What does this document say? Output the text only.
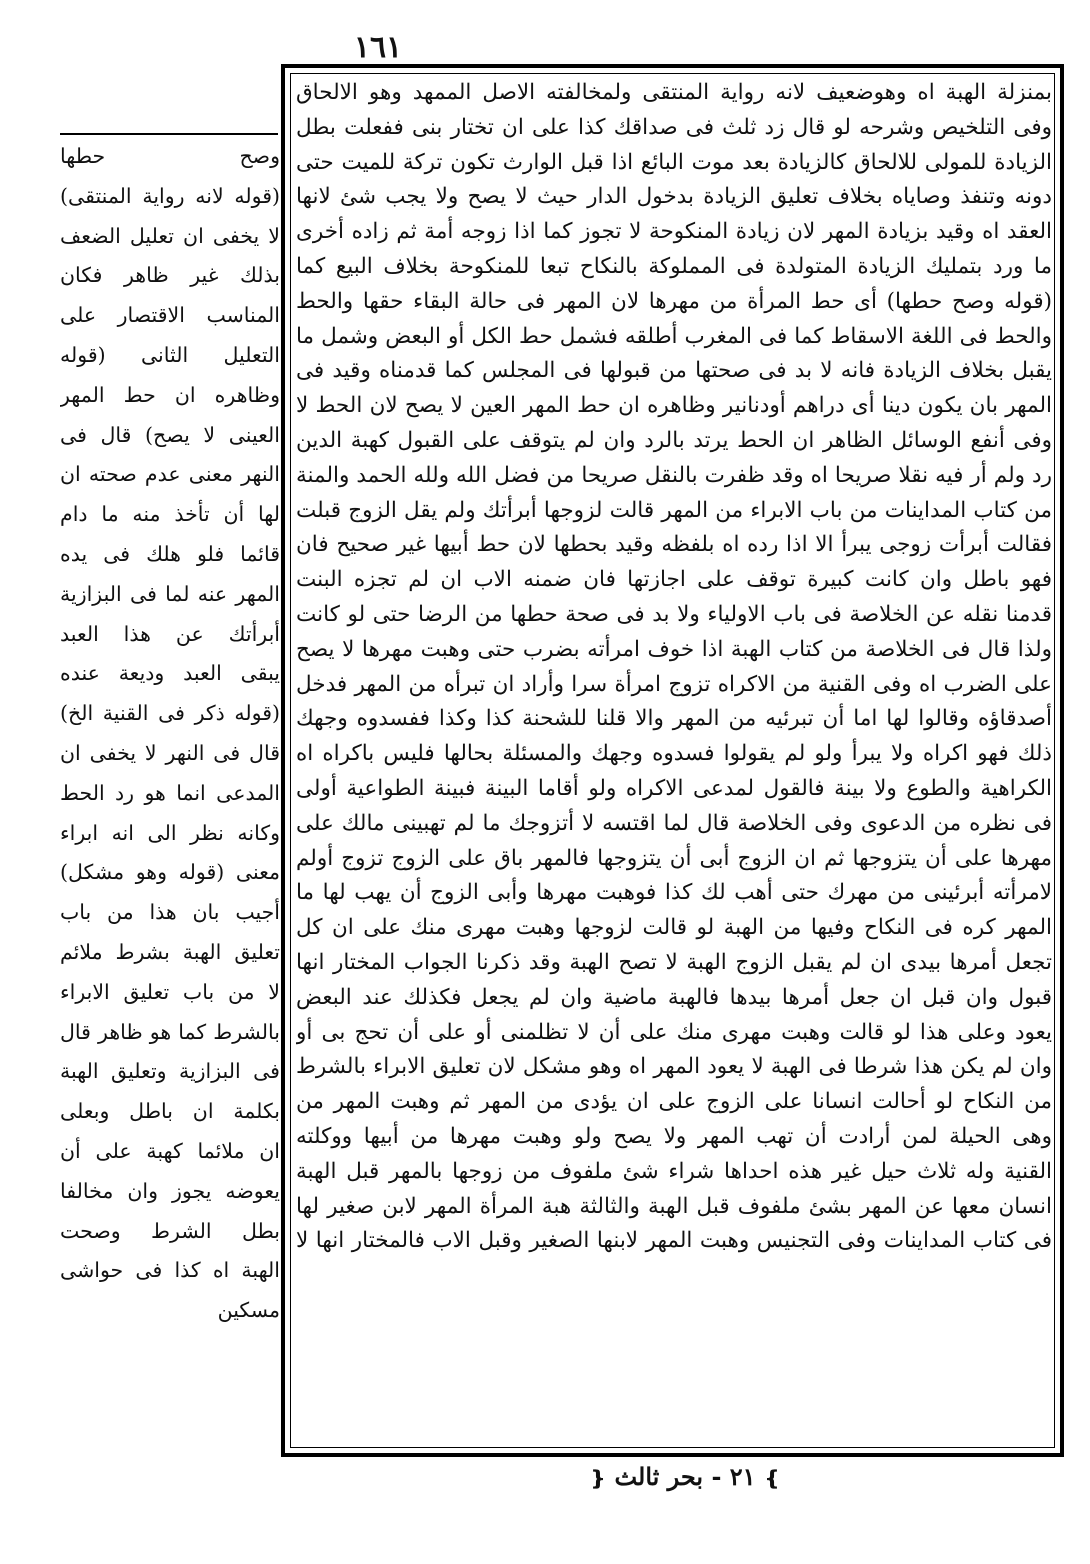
١٦١
بمنزلة الهبة اه وهوضعيف لانه رواية المنتقى ولمخالفته الاصل الممهد وهو الالحاق
وفى التلخيص وشرحه لو قال زد ثلث فى صداقك كذا على ان تختار بنى ففعلت بطل
الزيادة للمولى للالحاق كالزيادة بعد موت البائع اذا قبل الوارث تكون تركة للميت حتى
دونه وتنفذ وصاياه بخلاف تعليق الزيادة بدخول الدار حيث لا يصح ولا يجب شئ لانها
العقد اه وقيد بزيادة المهر لان زيادة المنكوحة لا تجوز كما اذا زوجه أمة ثم زاده أخرى
ما ورد بتمليك الزيادة المتولدة فى المملوكة بالنكاح تبعا للمنكوحة بخلاف البيع كما
(قوله وصح حطها) أى حط المرأة من مهرها لان المهر فى حالة البقاء حقها والحط
والحط فى اللغة الاسقاط كما فى المغرب أطلقه فشمل حط الكل أو البعض وشمل ما
يقبل بخلاف الزيادة فانه لا بد فى صحتها من قبولها فى المجلس كما قدمناه وقيد فى
المهر بان يكون دينا أى دراهم أودنانير وظاهره ان حط المهر العين لا يصح لان الحط لا
وفى أنفع الوسائل الظاهر ان الحط يرتد بالرد وان لم يتوقف على القبول كهبة الدين
رد ولم أر فيه نقلا صريحا اه وقد ظفرت بالنقل صريحا من فضل الله ولله الحمد والمنة
من كتاب المداينات من باب الابراء من المهر قالت لزوجها أبرأتك ولم يقل الزوج قبلت
فقالت أبرأت زوجى يبرأ الا اذا رده اه بلفظه وقيد بحطها لان حط أبيها غير صحيح فان
فهو باطل وان كانت كبيرة توقف على اجازتها فان ضمنه الاب ان لم تجزه البنت
قدمنا نقله عن الخلاصة فى باب الاولياء ولا بد فى صحة حطها من الرضا حتى لو كانت
ولذا قال فى الخلاصة من كتاب الهبة اذا خوف امرأته بضرب حتى وهبت مهرها لا يصح
على الضرب اه وفى القنية من الاكراه تزوج امرأة سرا وأراد ان تبرأه من المهر فدخل
أصدقاؤه وقالوا لها اما أن تبرئيه من المهر والا قلنا للشحنة كذا وكذا ففسدوه وجهك
ذلك فهو اكراه ولا يبرأ ولو لم يقولوا فسدوه وجهك والمسئلة بحالها فليس باكراه اه
الكراهية والطوع ولا بينة فالقول لمدعى الاكراه ولو أقاما البينة فبينة الطواعية أولى
فى نظره من الدعوى وفى الخلاصة قال لما اقتسه لا أتزوجك ما لم تهبينى مالك على
مهرها على أن يتزوجها ثم ان الزوج أبى أن يتزوجها فالمهر باق على الزوج تزوج أولم
لامرأته أبرئينى من مهرك حتى أهب لك كذا فوهبت مهرها وأبى الزوج أن يهب لها ما
المهر كره فى النكاح وفيها من الهبة لو قالت لزوجها وهبت مهرى منك على ان كل
تجعل أمرها بيدى ان لم يقبل الزوج الهبة لا تصح الهبة وقد ذكرنا الجواب المختار انها
قبول وان قبل ان جعل أمرها بيدها فالهبة ماضية وان لم يجعل فكذلك عند البعض
يعود وعلى هذا لو قالت وهبت مهرى منك على أن لا تظلمنى أو على أن تحج بى أو
وان لم يكن هذا شرطا فى الهبة لا يعود المهر اه وهو مشكل لان تعليق الابراء بالشرط
من النكاح لو أحالت انسانا على الزوج على ان يؤدى من المهر ثم وهبت المهر من
وهى الحيلة لمن أرادت أن تهب المهر ولا يصح ولو وهبت مهرها من أبيها ووكلته
القنية وله ثلاث حيل غير هذه احداها شراء شئ ملفوف من زوجها بالمهر قبل الهبة
انسان معها عن المهر بشئ ملفوف قبل الهبة والثالثة هبة المرأة المهر لابن صغير لها
فى كتاب المداينات وفى التجنيس وهبت المهر لابنها الصغير وقبل الاب فالمختار انها لا
وصح حطها
(قوله لانه رواية المنتقى)
لا يخفى ان تعليل الضعف
بذلك غير ظاهر فكان
المناسب الاقتصار على
التعليل الثانى (قوله
وظاهره ان حط المهر
العينى لا يصح) قال فى
النهر معنى عدم صحته ان
لها أن تأخذ منه ما دام
قائما فلو هلك فى يده
المهر عنه لما فى البزازية
أبرأتك عن هذا العبد
يبقى العبد وديعة عنده
(قوله ذكر فى القنية الخ)
قال فى النهر لا يخفى ان
المدعى انما هو رد الحط
وكانه نظر الى انه ابراء
معنى (قوله وهو مشكل)
أجيب بان هذا من باب
تعليق الهبة بشرط ملائم
لا من باب تعليق الابراء
بالشرط كما هو ظاهر قال
فى البزازية وتعليق الهبة
بكلمة ان باطل وبعلى
ان ملائما كهبة على أن
يعوضه يجوز وان مخالفا
بطل الشرط وصحت
الهبة اه كذا فى حواشى
مسكين
❵ ٢١ - بحر ثالث ❴
